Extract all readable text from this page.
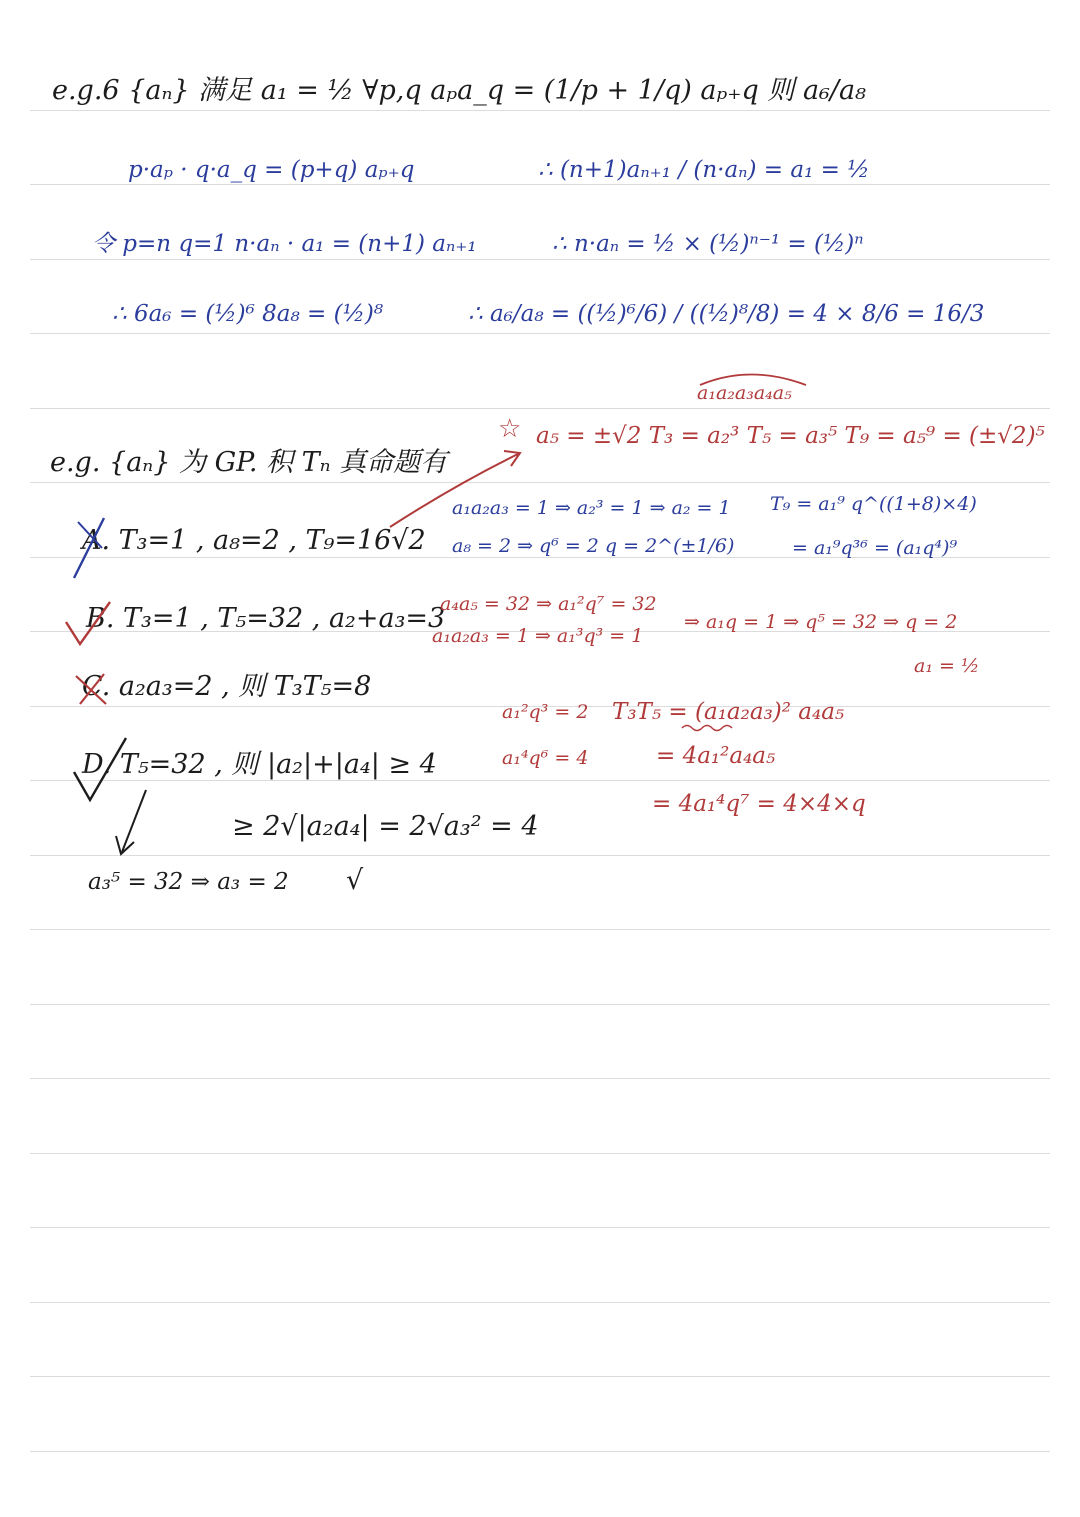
e.g.6 {aₙ} 满足 a₁ = ½ ∀p,q aₚa_q = (1/p + 1/q) aₚ₊q 则 a₆/a₈
p·aₚ · q·a_q = (p+q) aₚ₊q
令 p=n q=1 n·aₙ · a₁ = (n+1) aₙ₊₁
∴ 6a₆ = (½)⁶ 8a₈ = (½)⁸
∴ (n+1)aₙ₊₁ / (n·aₙ) = a₁ = ½
∴ n·aₙ = ½ × (½)ⁿ⁻¹ = (½)ⁿ
∴ a₆/a₈ = ((½)⁶/6) / ((½)⁸/8) = 4 × 8/6 = 16/3
a₁a₂a₃a₄a₅
☆ a₅ = ±√2 T₃ = a₂³ T₅ = a₃⁵ T₉ = a₅⁹ = (±√2)⁵
e.g. {aₙ} 为 GP. 积 Tₙ 真命题有
A. T₃=1 , a₈=2 , T₉=16√2
a₁a₂a₃ = 1 ⇒ a₂³ = 1 ⇒ a₂ = 1
a₈ = 2 ⇒ q⁶ = 2 q = 2^(±1/6)
T₉ = a₁⁹ q^((1+8)×4)
= a₁⁹q³⁶ = (a₁q⁴)⁹
B. T₃=1 , T₅=32 , a₂+a₃=3
a₄a₅ = 32 ⇒ a₁²q⁷ = 32
a₁a₂a₃ = 1 ⇒ a₁³q³ = 1
⇒ a₁q = 1 ⇒ q⁵ = 32 ⇒ q = 2
a₁ = ½
C. a₂a₃=2 , 则 T₃T₅=8
a₁²q³ = 2
a₁⁴q⁶ = 4
T₃T₅ = (a₁a₂a₃)² a₄a₅
= 4a₁²a₄a₅
= 4a₁⁴q⁷ = 4×4×q
D. T₅=32 , 则 |a₂|+|a₄| ≥ 4
≥ 2√|a₂a₄| = 2√a₃² = 4
a₃⁵ = 32 ⇒ a₃ = 2 √
